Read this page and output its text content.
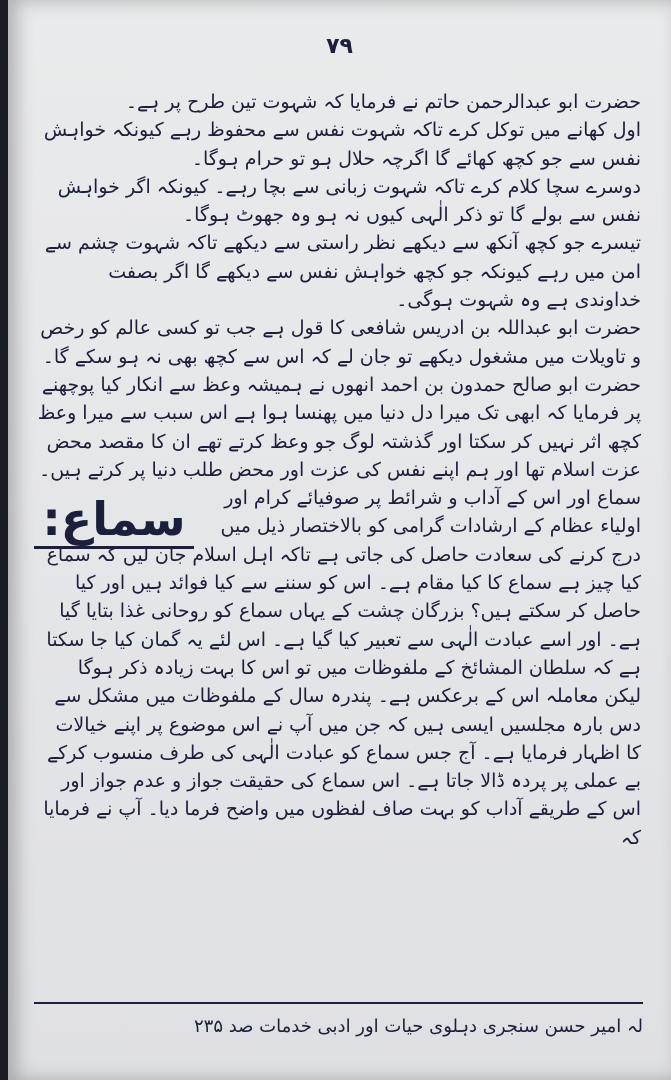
۷۹

حضرت ابو عبدالرحمن حاتم نے فرمایا کہ شہوت تین طرح پر ہے۔

اول کھانے میں توکل کرے تاکہ شہوت نفس سے محفوظ رہے کیونکہ خواہش نفس سے جو کچھ کھائے گا اگرچہ حلال ہو تو حرام ہوگا۔

دوسرے سچا کلام کرے تاکہ شہوت زبانی سے بچا رہے۔ کیونکہ اگر خواہش نفس سے بولے گا تو ذکر الٰہی کیوں نہ ہو وہ جھوٹ ہوگا۔

تیسرے جو کچھ آنکھ سے دیکھے نظر راستی سے دیکھے تاکہ شہوت چشم سے امن میں رہے کیونکہ جو کچھ خواہش نفس سے دیکھے گا اگر بصفت خداوندی ہے وہ شہوت ہوگی۔

حضرت ابو عبداللہ بن ادریس شافعی کا قول ہے جب تو کسی عالم کو رخص و تاویلات میں مشغول دیکھے تو جان لے کہ اس سے کچھ بھی نہ ہو سکے گا۔

حضرت ابو صالح حمدون بن احمد انھوں نے ہمیشہ وعظ سے انکار کیا پوچھنے پر فرمایا کہ ابھی تک میرا دل دنیا میں پھنسا ہوا ہے اس سبب سے میرا وعظ کچھ اثر نہیں کر سکتا اور گذشتہ لوگ جو وعظ کرتے تھے ان کا مقصد محض عزت اسلام تھا اور ہم اپنے نفس کی عزت اور محض طلب دنیا پر کرتے ہیں۔

سماع:	سماع اور اس کے آداب و شرائط پر صوفیائے کرام اور اولیاء عظام کے ارشادات گرامی کو بالاختصار ذیل میں

درج کرنے کی سعادت حاصل کی جاتی ہے تاکہ اہل اسلام جان لیں کہ سماع کیا چیز ہے سماع کا کیا مقام ہے۔ اس کو سننے سے کیا فوائد ہیں اور کیا حاصل کر سکتے ہیں؟ بزرگان چشت کے یہاں سماع کو روحانی غذا بتایا گیا ہے۔ اور اسے عبادت الٰہی سے تعبیر کیا گیا ہے۔ اس لئے یہ گمان کیا جا سکتا ہے کہ سلطان المشائخ کے ملفوظات میں تو اس کا بہت زیادہ ذکر ہوگا لیکن معاملہ اس کے برعکس ہے۔ پندرہ سال کے ملفوظات میں مشکل سے دس بارہ مجلسیں ایسی ہیں کہ جن میں آپ نے اس موضوع پر اپنے خیالات کا اظہار فرمایا ہے۔ آج جس سماع کو عبادت الٰہی کی طرف منسوب کرکے بے عملی پر پردہ ڈالا جاتا ہے۔ اس سماع کی حقیقت جواز و عدم جواز اور اس کے طریقے آداب کو بہت صاف لفظوں میں واضح فرما دیا۔ آپ نے فرمایا کہ

لہ امیر حسن سنجری دہلوی حیات اور ادبی خدمات صد ۲۳۵
